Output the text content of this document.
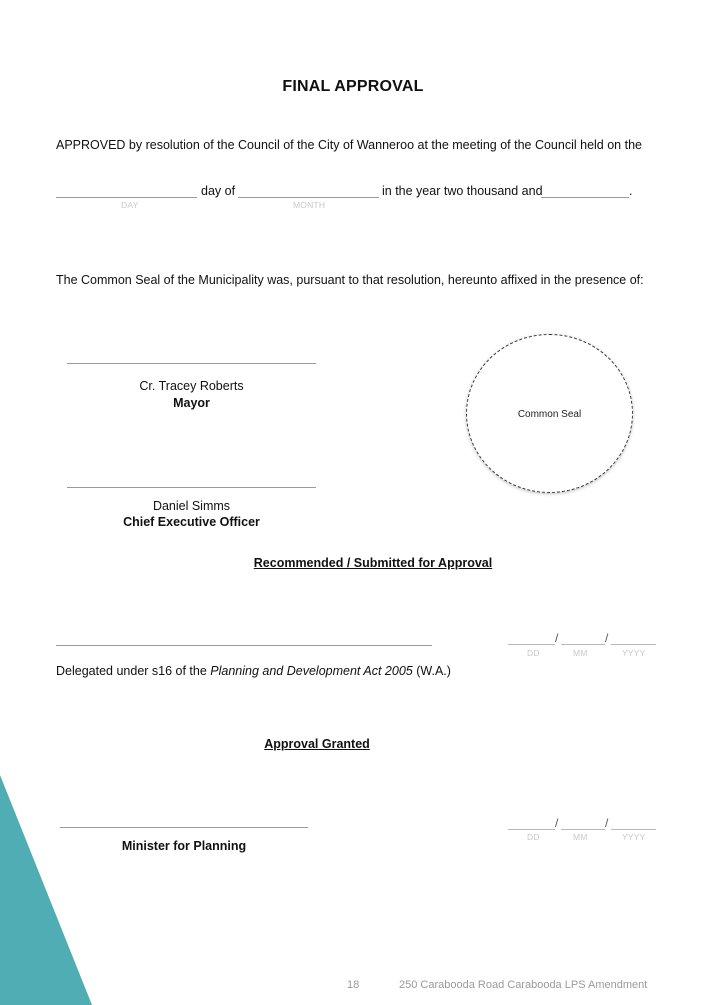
FINAL APPROVAL
APPROVED by resolution of the Council of the City of Wanneroo at the meeting of the Council held on the
day of	in the year two thousand and	.
DAY	MONTH
The Common Seal of the Municipality was, pursuant to that resolution, hereunto affixed in the presence of:
Cr. Tracey Roberts
Mayor
Common Seal
Daniel Simms
Chief Executive Officer
Recommended / Submitted for Approval
/	/
DD	MM	YYYY
Delegated under s16 of the Planning and Development Act 2005 (W.A.)
Approval Granted
Minister for Planning
/	/
DD	MM	YYYY
18	250 Carabooda Road Carabooda LPS Amendment
